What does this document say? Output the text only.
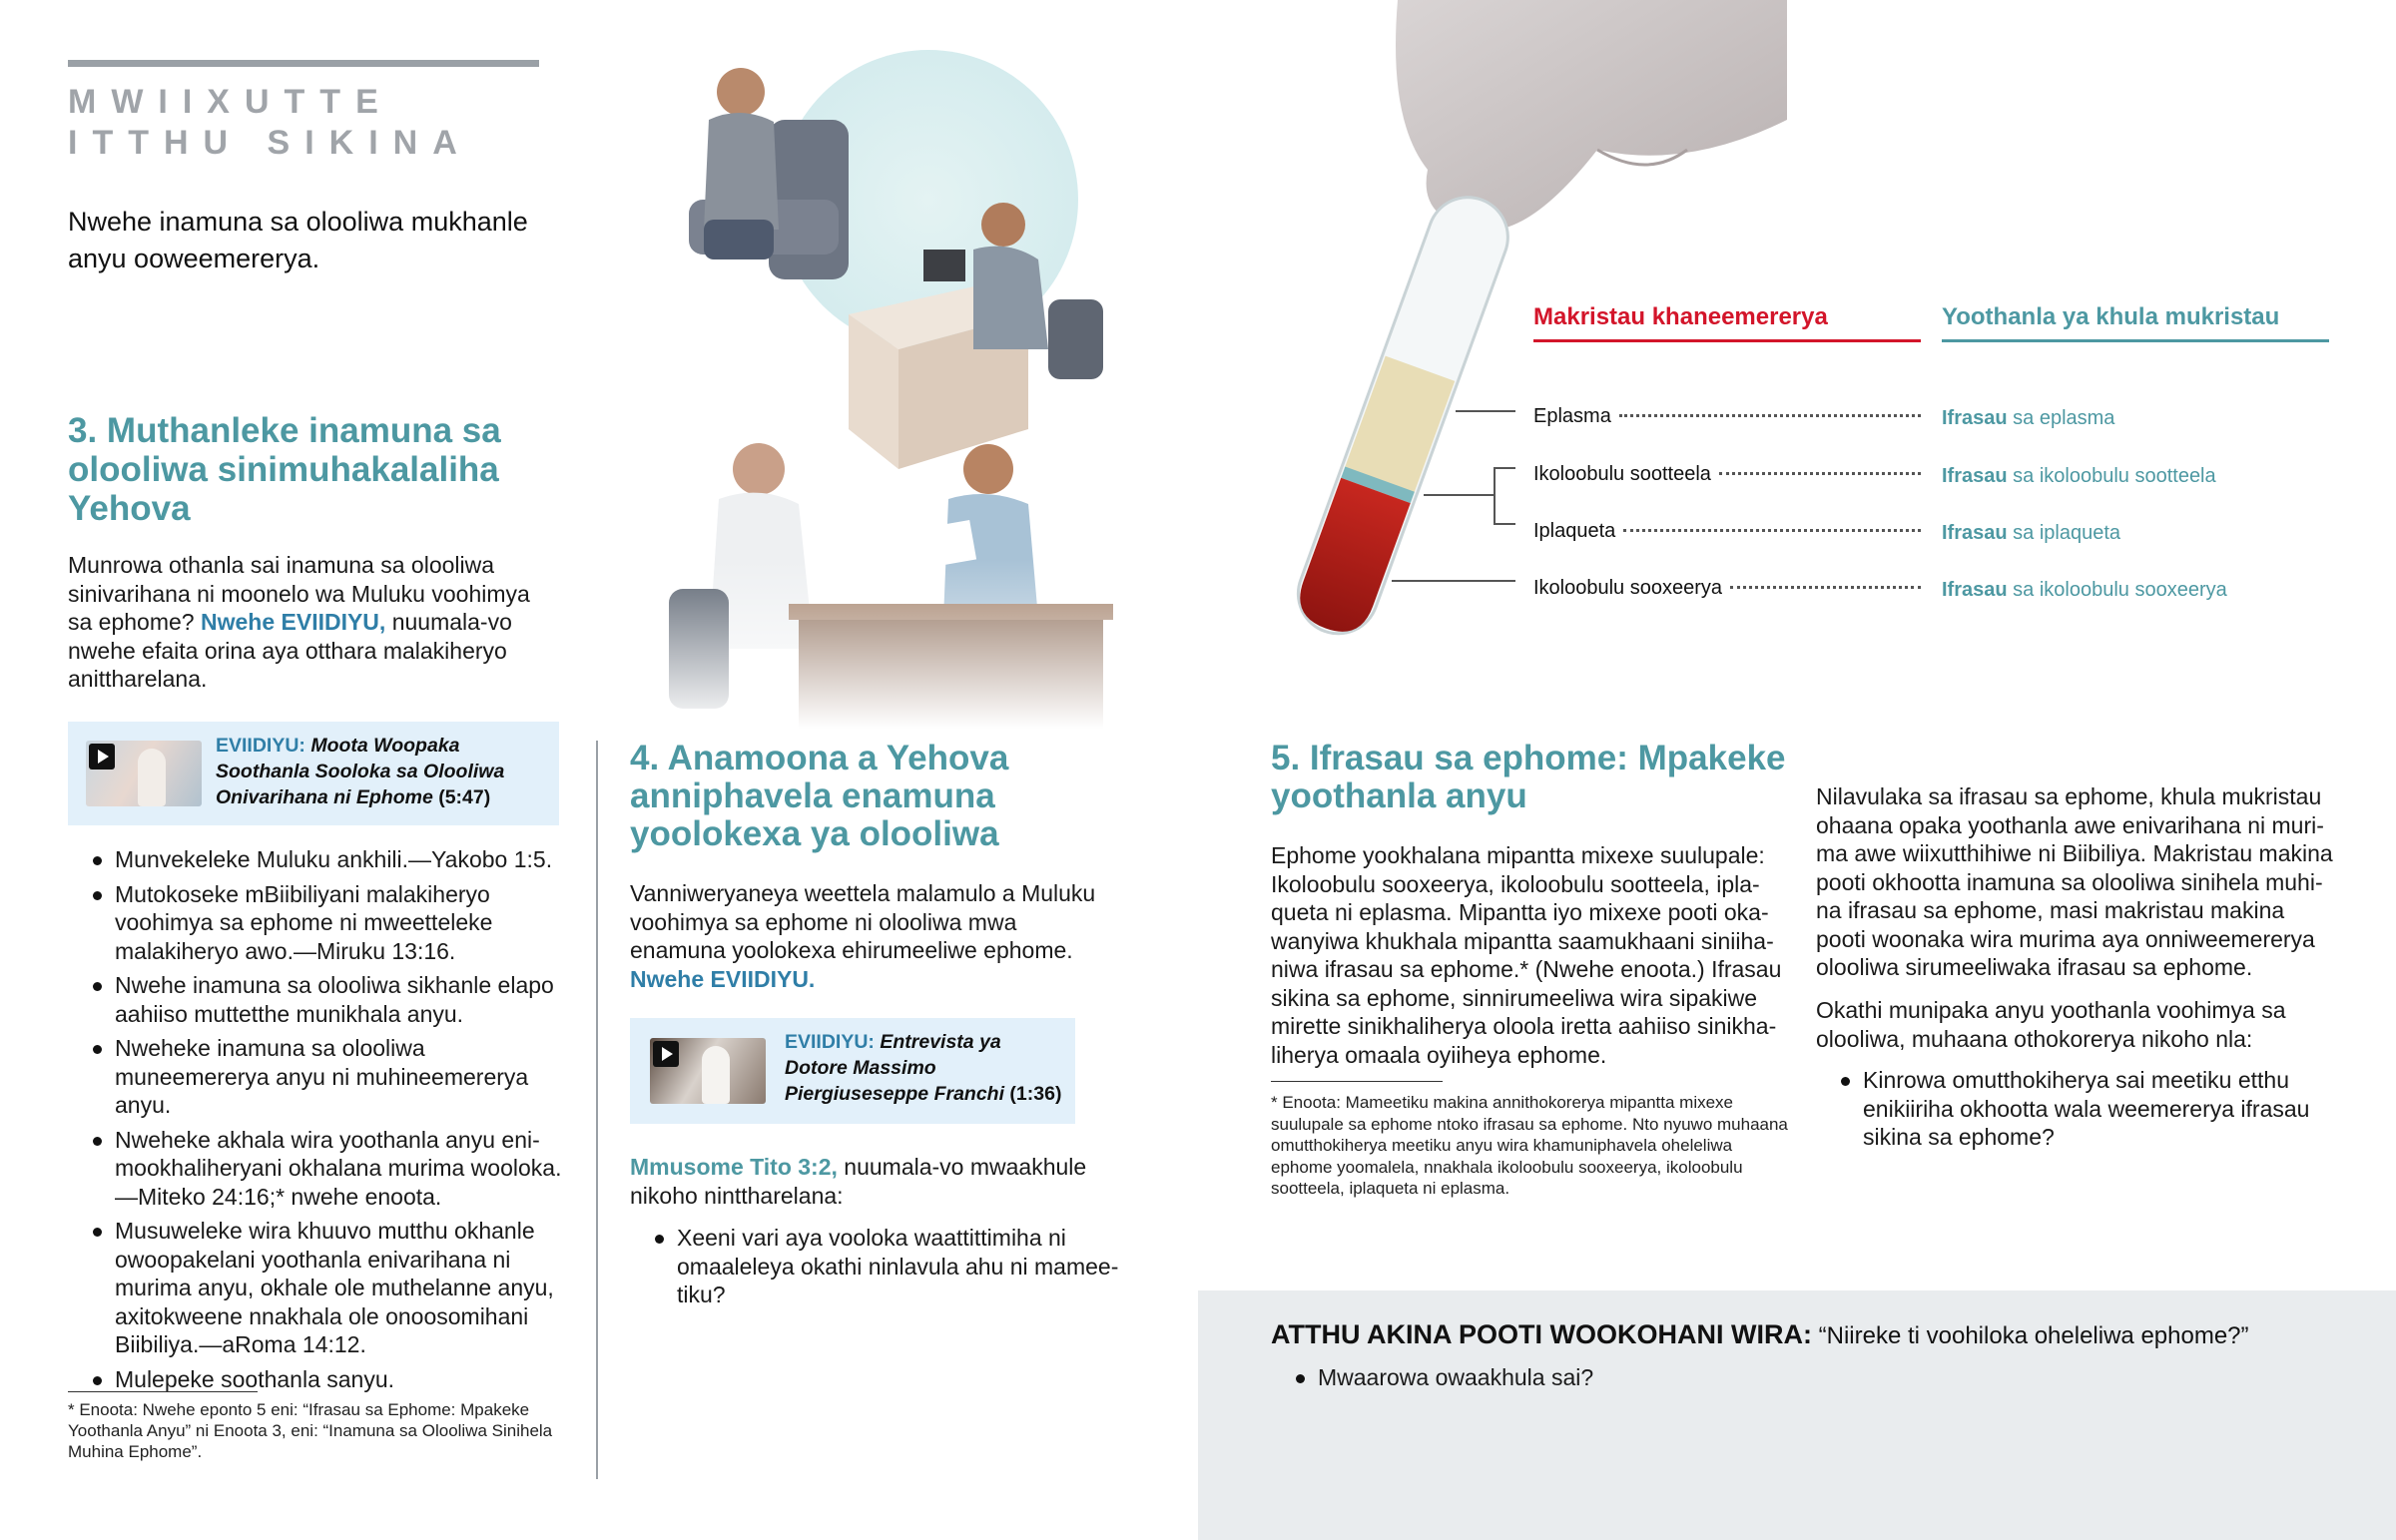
MWIIXUTTE ITTHU SIKINA
Nwehe inamuna sa olooliwa mukhanle anyu ooweemererya.
3. Muthanleke inamuna sa olooliwa sinimuhakalaliha Yehova
Munrowa othanla sai inamuna sa olooliwa sinivarihana ni moonelo wa Muluku voohimya sa ephome? Nwehe EVIIDIYU, nuumala-vo nwehe efaita orina aya otthara malakiheryo anittharelana.
EVIIDIYU: Moota Woopaka Soothanla Sooloka sa Olooliwa Onivarihana ni Ephome (5:47)
Munvekeleke Muluku ankhili.—Yakobo 1:5.
Mutokoseke mBiibiliyani malakiheryo voohimya sa ephome ni mweetteleke malakiheryo awo.—Miruku 13:16.
Nwehe inamuna sa olooliwa sikhanle elapo aahiiso muttetthe munikhala anyu.
Nweheke inamuna sa olooliwa muneemererya anyu ni muhineemererya anyu.
Nweheke akhala wira yoothanla anyu enimookhaliheryani okhalana murima wooloka.—Miteko 24:16;* nwehe enoota.
Musuweleke wira khuuvo mutthu okhanle owoopakelani yoothanla enivarihana ni murima anyu, okhale ole muthelanne anyu, axitokweene nnakhala ole onoosomihani Biibiliya.—aRoma 14:12.
Mulepeke soothanla sanyu.
* Enoota: Nwehe eponto 5 eni: “Ifrasau sa Ephome: Mpakeke Yoothanla Anyu” ni Enoota 3, eni: “Inamuna sa Olooliwa Sinihela Muhina Ephome”.
4. Anamoona a Yehova anniphavela enamuna yoolokexa ya olooliwa
Vanniweryaneya weettela malamulo a Muluku voohimya sa ephome ni olooliwa mwa enamuna yoolokexa ehirumeeliwe ephome. Nwehe EVIIDIYU.
EVIIDIYU: Entrevista ya Dotore Massimo Piergiuseseppe Franchi (1:36)
Mmusome Tito 3:2, nuumala-vo mwaakhule nikoho ninttharelana:
Xeeni vari aya vooloka waattittimiha ni omaaleleya okathi ninlavula ahu ni mameetiku?
Makristau khaneemererya	Yoothanla ya khula mukristau
Eplasma	Ifrasau sa eplasma
Ikoloobulu sootteela	Ifrasau sa ikoloobulu sootteela
Iplaqueta	Ifrasau sa iplaqueta
Ikoloobulu sooxeerya	Ifrasau sa ikoloobulu sooxeerya
5. Ifrasau sa ephome: Mpakeke yoothanla anyu
Ephome yookhalana mipantta mixexe suulupale: Ikoloobulu sooxeerya, ikoloobulu sootteela, iplaqueta ni eplasma. Mipantta iyo mixexe pooti okawanyiwa khukhala mipantta saamukhaani siniihaniwa ifrasau sa ephome.* (Nwehe enoota.) Ifrasau sikina sa ephome, sinnirumeeliwa wira sipakiwe mirette sinikhaliherya oloola iretta aahiiso sinikhaliherya omaala oyiiheya ephome.
* Enoota: Mameetiku makina annithokorerya mipantta mixexe suulupale sa ephome ntoko ifrasau sa ephome. Nto nyuwo muhaana omutthokiherya meetiku anyu wira khamuniphavela oheleliwa ephome yoomalela, nnakhala ikoloobulu sooxeerya, ikoloobulu sootteela, iplaqueta ni eplasma.
Nilavulaka sa ifrasau sa ephome, khula mukristau ohaana opaka yoothanla awe enivarihana ni murima awe wiixutthihiwe ni Biibiliya. Makristau makina pooti okhootta inamuna sa olooliwa sinihela muhina ifrasau sa ephome, masi makristau makina pooti woonaka wira murima aya onniweemererya olooliwa sirumeeliwaka ifrasau sa ephome.
Okathi munipaka anyu yoothanla voohimya sa olooliwa, muhaana othokorerya nikoho nla:
Kinrowa omutthokiherya sai meetiku etthu enikiiriha okhootta wala weemererya ifrasau sikina sa ephome?
ATTHU AKINA POOTI WOOKOHANI WIRA: “Niireke ti voohiloka oheleliwa ephome?”
Mwaarowa owaakhula sai?
